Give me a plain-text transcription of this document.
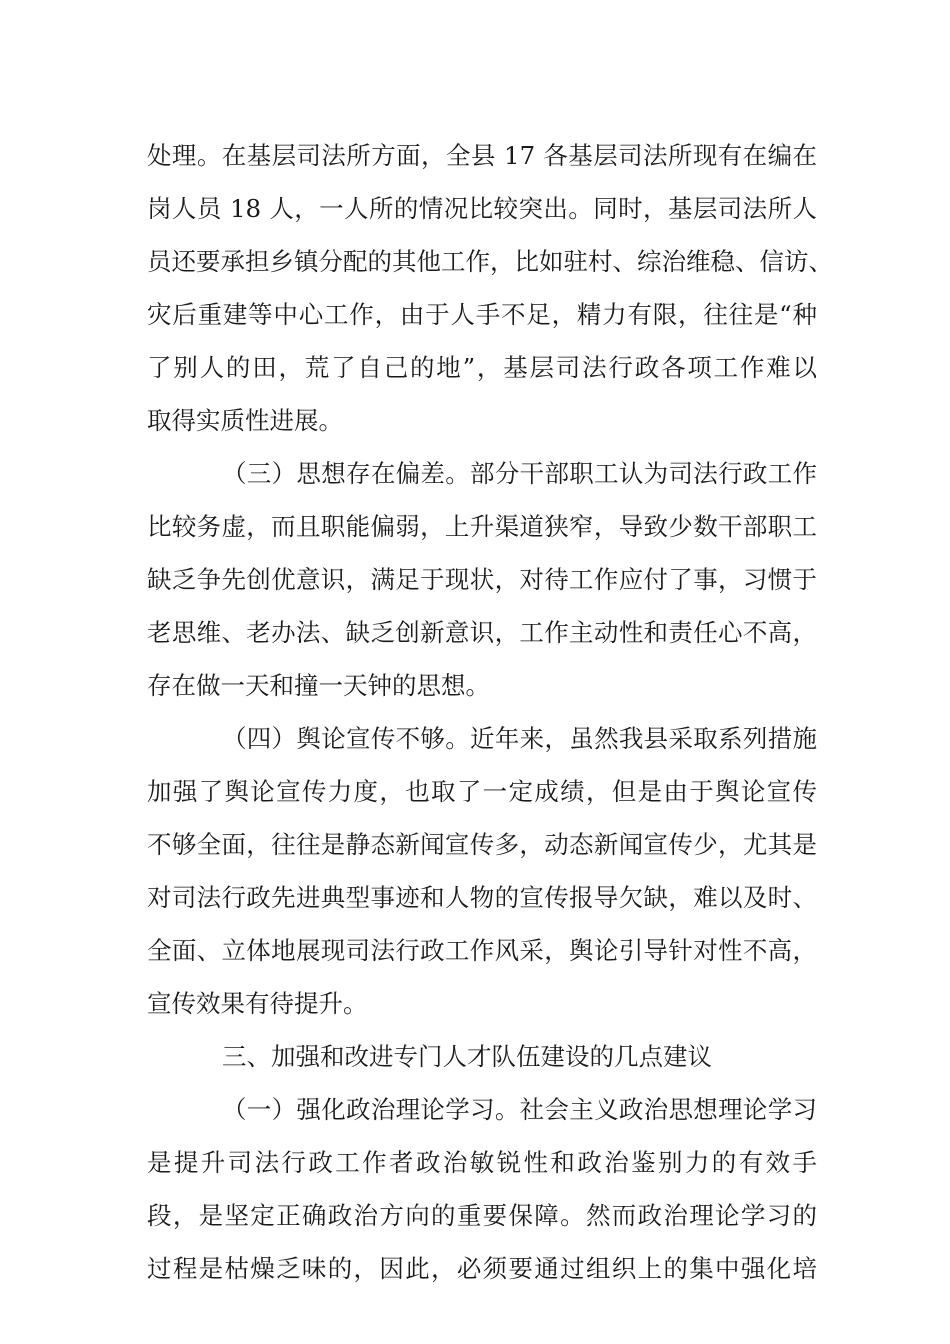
处理。在基层司法所方面，全县 17 各基层司法所现有在编在
岗人员 18 人，一人所的情况比较突出。同时，基层司法所人
员还要承担乡镇分配的其他工作，比如驻村、综治维稳、信访、
灾后重建等中心工作，由于人手不足，精力有限，往往是“种
了别人的田，荒了自己的地”，基层司法行政各项工作难以
取得实质性进展。
（三）思想存在偏差。部分干部职工认为司法行政工作
比较务虚，而且职能偏弱，上升渠道狭窄，导致少数干部职工
缺乏争先创优意识，满足于现状，对待工作应付了事，习惯于
老思维、老办法、缺乏创新意识，工作主动性和责任心不高，
存在做一天和撞一天钟的思想。
（四）舆论宣传不够。近年来，虽然我县采取系列措施
加强了舆论宣传力度，也取了一定成绩，但是由于舆论宣传
不够全面，往往是静态新闻宣传多，动态新闻宣传少，尤其是
对司法行政先进典型事迹和人物的宣传报导欠缺，难以及时、
全面、立体地展现司法行政工作风采，舆论引导针对性不高，
宣传效果有待提升。
三、加强和改进专门人才队伍建设的几点建议
（一）强化政治理论学习。社会主义政治思想理论学习
是提升司法行政工作者政治敏锐性和政治鉴别力的有效手
段，是坚定正确政治方向的重要保障。然而政治理论学习的
过程是枯燥乏味的，因此，必须要通过组织上的集中强化培
